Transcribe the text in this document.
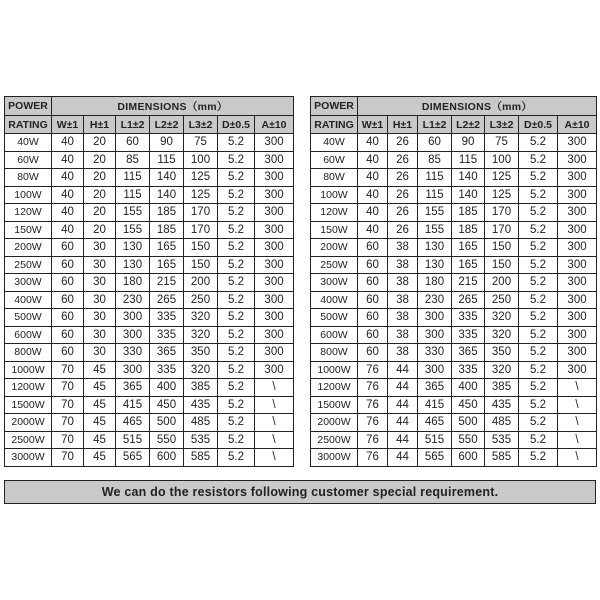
POWER	DIMENSIONS（mm）						
RATING	W±1	H±1	L1±2	L2±2	L3±2	D±0.5	A±10
40W	40	20	60	90	75	5.2	300
60W	40	20	85	115	100	5.2	300
80W	40	20	115	140	125	5.2	300
100W	40	20	115	140	125	5.2	300
120W	40	20	155	185	170	5.2	300
150W	40	20	155	185	170	5.2	300
200W	60	30	130	165	150	5.2	300
250W	60	30	130	165	150	5.2	300
300W	60	30	180	215	200	5.2	300
400W	60	30	230	265	250	5.2	300
500W	60	30	300	335	320	5.2	300
600W	60	30	300	335	320	5.2	300
800W	60	30	330	365	350	5.2	300
1000W	70	45	300	335	320	5.2	300
1200W	70	45	365	400	385	5.2	\
1500W	70	45	415	450	435	5.2	\
2000W	70	45	465	500	485	5.2	\
2500W	70	45	515	550	535	5.2	\
3000W	70	45	565	600	585	5.2	\
POWER	DIMENSIONS（mm）						
RATING	W±1	H±1	L1±2	L2±2	L3±2	D±0.5	A±10
40W	40	26	60	90	75	5.2	300
60W	40	26	85	115	100	5.2	300
80W	40	26	115	140	125	5.2	300
100W	40	26	115	140	125	5.2	300
120W	40	26	155	185	170	5.2	300
150W	40	26	155	185	170	5.2	300
200W	60	38	130	165	150	5.2	300
250W	60	38	130	165	150	5.2	300
300W	60	38	180	215	200	5.2	300
400W	60	38	230	265	250	5.2	300
500W	60	38	300	335	320	5.2	300
600W	60	38	300	335	320	5.2	300
800W	60	38	330	365	350	5.2	300
1000W	76	44	300	335	320	5.2	300
1200W	76	44	365	400	385	5.2	\
1500W	76	44	415	450	435	5.2	\
2000W	76	44	465	500	485	5.2	\
2500W	76	44	515	550	535	5.2	\
3000W	76	44	565	600	585	5.2	\
We can do the resistors following customer special requirement.
